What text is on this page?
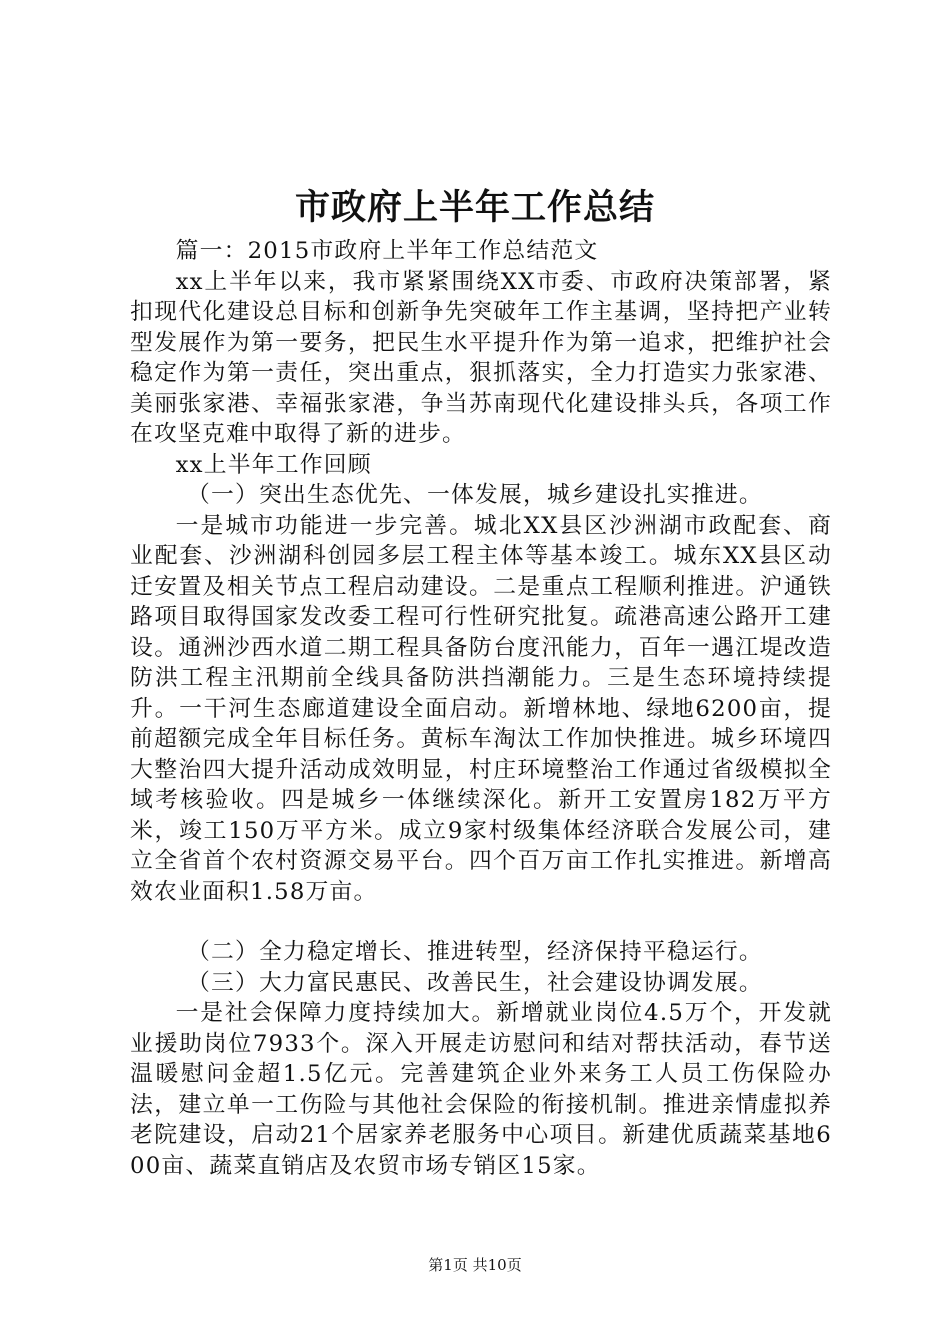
市政府上半年工作总结

篇一：2015市政府上半年工作总结范文

xx上半年以来，我市紧紧围绕XX市委、市政府决策部署，紧扣现代化建设总目标和创新争先突破年工作主基调，坚持把产业转型发展作为第一要务，把民生水平提升作为第一追求，把维护社会稳定作为第一责任，突出重点，狠抓落实，全力打造实力张家港、美丽张家港、幸福张家港，争当苏南现代化建设排头兵，各项工作在攻坚克难中取得了新的进步。

xx上半年工作回顾

（一）突出生态优先、一体发展，城乡建设扎实推进。

一是城市功能进一步完善。城北XX县区沙洲湖市政配套、商业配套、沙洲湖科创园多层工程主体等基本竣工。城东XX县区动迁安置及相关节点工程启动建设。二是重点工程顺利推进。沪通铁路项目取得国家发改委工程可行性研究批复。疏港高速公路开工建设。通洲沙西水道二期工程具备防台度汛能力，百年一遇江堤改造防洪工程主汛期前全线具备防洪挡潮能力。三是生态环境持续提升。一干河生态廊道建设全面启动。新增林地、绿地6200亩，提前超额完成全年目标任务。黄标车淘汰工作加快推进。城乡环境四大整治四大提升活动成效明显，村庄环境整治工作通过省级模拟全域考核验收。四是城乡一体继续深化。新开工安置房182万平方米，竣工150万平方米。成立9家村级集体经济联合发展公司，建立全省首个农村资源交易平台。四个百万亩工作扎实推进。新增高效农业面积1.58万亩。

（二）全力稳定增长、推进转型，经济保持平稳运行。

（三）大力富民惠民、改善民生，社会建设协调发展。

一是社会保障力度持续加大。新增就业岗位4.5万个，开发就业援助岗位7933个。深入开展走访慰问和结对帮扶活动，春节送温暖慰问金超1.5亿元。完善建筑企业外来务工人员工伤保险办法，建立单一工伤险与其他社会保险的衔接机制。推进亲情虚拟养老院建设，启动21个居家养老服务中心项目。新建优质蔬菜基地600亩、蔬菜直销店及农贸市场专销区15家。

第1页 共10页
